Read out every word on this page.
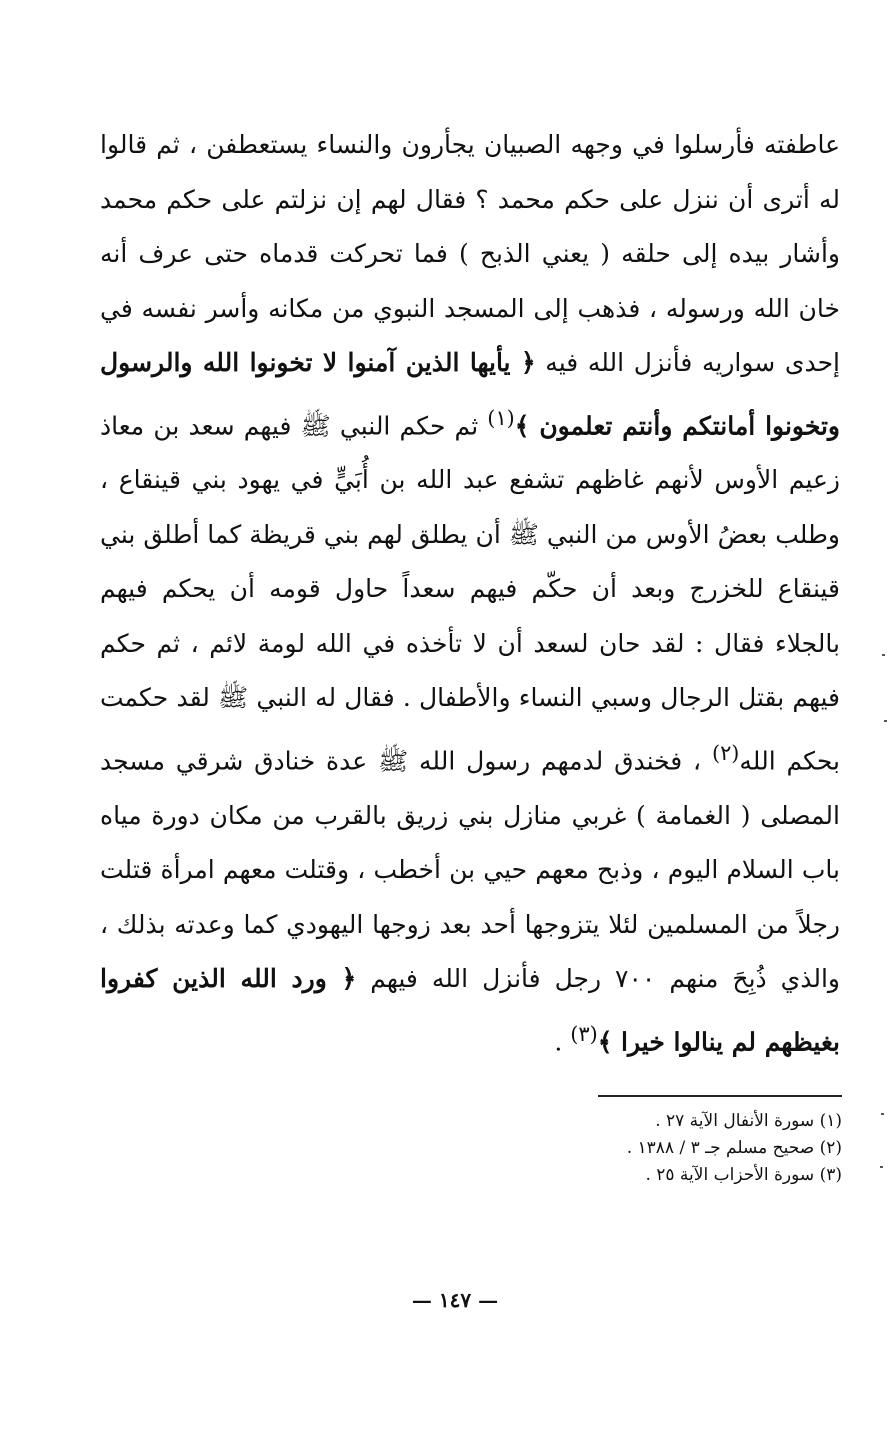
عاطفته فأرسلوا في وجهه الصبيان يجأرون والنساء يستعطفن ، ثم قالوا له أترى أن ننزل على حكم محمد ؟ فقال لهم إن نزلتم على حكم محمد وأشار بيده إلى حلقه ( يعني الذبح ) فما تحركت قدماه حتى عرف أنه خان الله ورسوله ، فذهب إلى المسجد النبوي من مكانه وأسر نفسه في إحدى سواريه فأنزل الله فيه ﴿ يأيها الذين آمنوا لا تخونوا الله والرسول وتخونوا أمانتكم وأنتم تعلمون ﴾$^{(١)}$ ثم حكم النبي ﷺ فيهم سعد بن معاذ زعيم الأوس لأنهم غاظهم تشفع عبد الله بن أُبَيٍّ في يهود بني قينقاع ، وطلب بعضُ الأوس من النبي ﷺ أن يطلق لهم بني قريظة كما أطلق بني قينقاع للخزرج وبعد أن حكّم فيهم سعداً حاول قومه أن يحكم فيهم بالجلاء فقال : لقد حان لسعد أن لا تأخذه في الله لومة لائم ، ثم حكم فيهم بقتل الرجال وسبي النساء والأطفال . فقال له النبي ﷺ لقد حكمت بحكم الله$^{(٢)}$ ، فخندق لدمهم رسول الله ﷺ عدة خنادق شرقي مسجد المصلى ( الغمامة ) غربي منازل بني زريق بالقرب من مكان دورة مياه باب السلام اليوم ، وذبح معهم حيي بن أخطب ، وقتلت معهم امرأة قتلت رجلاً من المسلمين لئلا يتزوجها أحد بعد زوجها اليهودي كما وعدته بذلك ، والذي ذُبِحَ منهم ٧٠٠ رجل فأنزل الله فيهم ﴿ ورد الله الذين كفروا بغيظهم لم ينالوا خيرا ﴾$^{(٣)}$ .

(١) سورة الأنفال الآية ٢٧ .
(٢) صحيح مسلم جـ ٣ / ١٣٨٨ .
(٣) سورة الأحزاب الآية ٢٥ .
— ١٤٧ —
